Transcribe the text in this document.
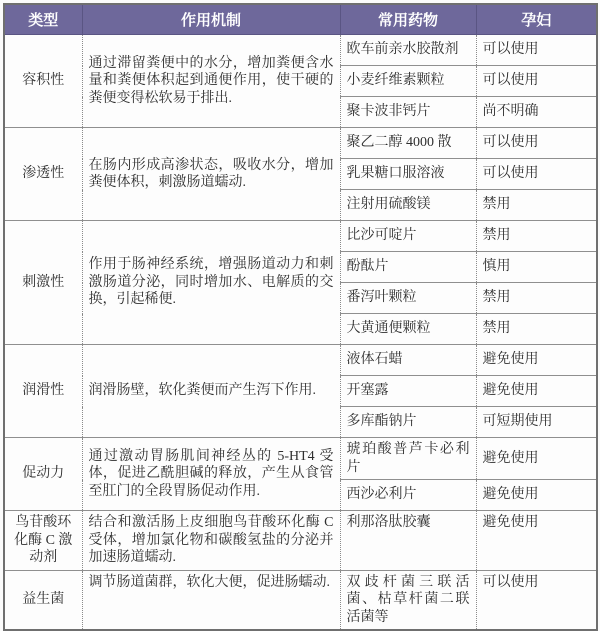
类型	作用机制	常用药物	孕妇
容积性	通过滞留粪便中的水分，增加粪便含水量和粪便体积起到通便作用，使干硬的粪便变得松软易于排出.	欧车前亲水胶散剂	可以使用
		小麦纤维素颗粒	可以使用
		聚卡波非钙片	尚不明确
渗透性	在肠内形成高渗状态，吸收水分，增加粪便体积，刺激肠道蠕动.	聚乙二醇 4000 散	可以使用
		乳果糖口服溶液	可以使用
		注射用硫酸镁	禁用
刺激性	作用于肠神经系统，增强肠道动力和刺激肠道分泌，同时增加水、电解质的交换，引起稀便.	比沙可啶片	禁用
		酚酞片	慎用
		番泻叶颗粒	禁用
		大黄通便颗粒	禁用
润滑性	润滑肠壁，软化粪便而产生泻下作用.	液体石蜡	避免使用
		开塞露	避免使用
		多库酯钠片	可短期使用
促动力	通过激动胃肠肌间神经丛的 5-HT4 受体，促进乙酰胆碱的释放，产生从食管至肛门的全段胃肠促动作用.	琥珀酸普芦卡必利片	避免使用
		西沙必利片	避免使用
鸟苷酸环化酶 C 激动剂	结合和激活肠上皮细胞鸟苷酸环化酶 C 受体，增加氯化物和碳酸氢盐的分泌并加速肠道蠕动.	利那洛肽胶囊	避免使用
益生菌	调节肠道菌群，软化大便，促进肠蠕动.	双歧杆菌三联活菌、枯草杆菌二联活菌等	可以使用
